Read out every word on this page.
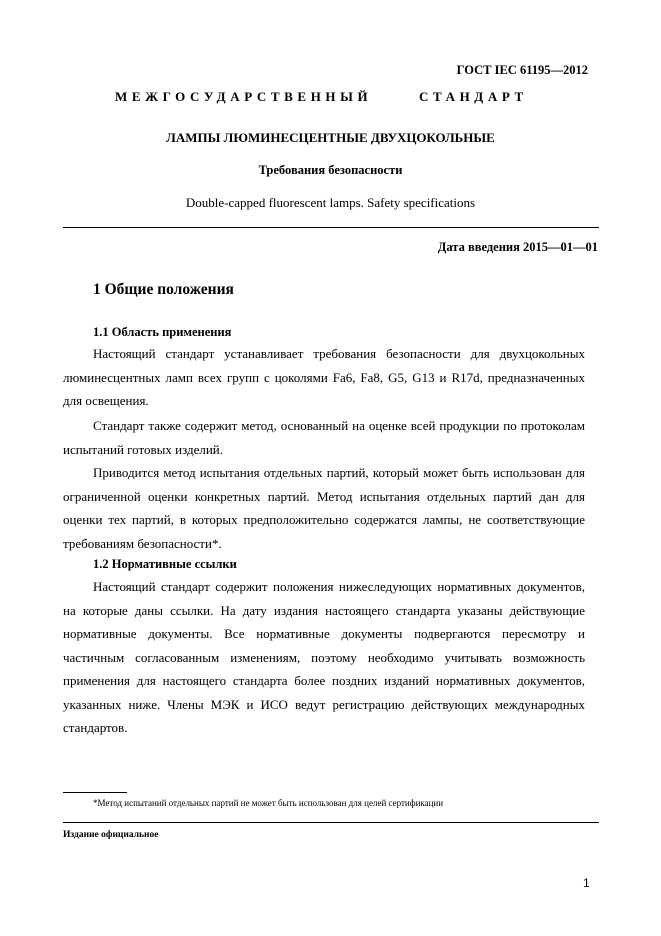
ГОСТ IEC 61195—2012
МЕЖГОСУДАРСТВЕННЫЙ	СТАНДАРТ
ЛАМПЫ ЛЮМИНЕСЦЕНТНЫЕ ДВУХЦОКОЛЬНЫЕ
Требования безопасности
Double-capped fluorescent lamps. Safety specifications
Дата введения 2015—01—01
1 Общие положения
1.1 Область применения

Настоящий стандарт устанавливает требования безопасности для двухцокольных люминесцентных ламп всех групп с цоколями Fa6, Fa8, G5, G13 и R17d, предназначенных для освещения.

Стандарт также содержит метод, основанный на оценке всей продукции по протоколам испытаний готовых изделий.

Приводится метод испытания отдельных партий, который может быть использован для ограниченной оценки конкретных партий. Метод испытания отдельных партий дан для оценки тех партий, в которых предположительно содержатся лампы, не соответствующие требованиям безопасности*.

1.2 Нормативные ссылки

Настоящий стандарт содержит положения нижеследующих нормативных документов, на которые даны ссылки. На дату издания настоящего стандарта указаны действующие нормативные документы. Все нормативные документы подвергаются пересмотру и частичным согласованным изменениям, поэтому необходимо учитывать возможность применения для настоящего стандарта более поздних изданий нормативных документов, указанных ниже. Члены МЭК и ИСО ведут регистрацию действующих международных стандартов.

*Метод испытаний отдельных партий не может быть использован для целей сертификации
Издание официальное
1
